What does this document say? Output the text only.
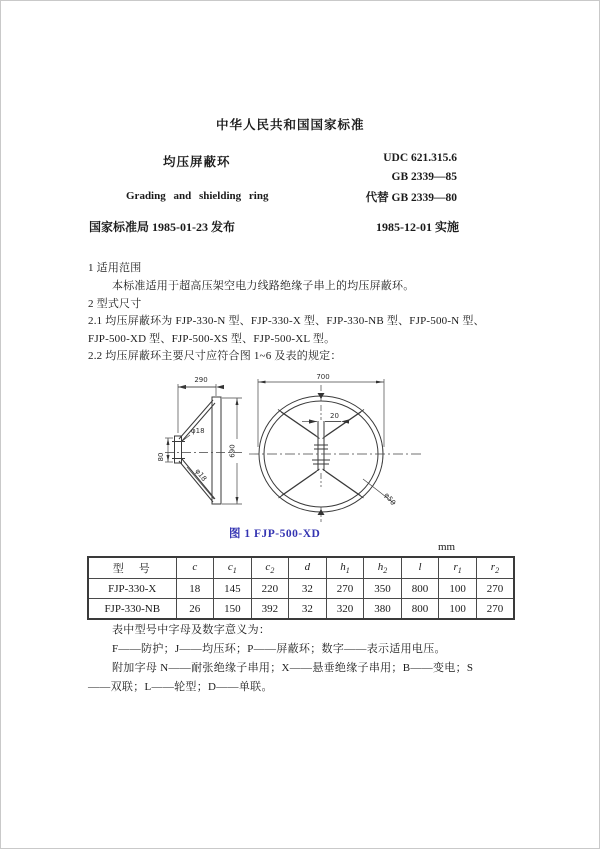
中华人民共和国国家标准
均压屏蔽环	UDC 621.315.6
GB 2339—85
代替 GB 2339—80
Grading and shielding ring
国家标准局 1985-01-23 发布	1985-12-01 实施
1 适用范围
本标准适用于超高压架空电力线路绝缘子串上的均压屏蔽环。
2 型式尺寸
2.1 均压屏蔽环为 FJP-330-N 型、FJP-330-X 型、FJP-330-NB 型、FJP-500-N 型、
FJP-500-XD 型、FJP-500-XS 型、FJP-500-XL 型。
2.2 均压屏蔽环主要尺寸应符合图 1~6 及表的规定：
290
80	690
φ18
φ18
700
20
φ50
图 1 FJP-500-XD
mm
型　号	c	$c_1$	$c_2$	d	$h_1$	$h_2$	l	$r_1$	$r_2$
FJP-330-X	18	145	220	32	270	350	800	100	270
FJP-330-NB	26	150	392	32	320	380	800	100	270
表中型号中字母及数字意义为：
F——防护；J——均压环；P——屏蔽环；数字——表示适用电压。
附加字母 N——耐张绝缘子串用；X——悬垂绝缘子串用；B——变电；S
——双联；L——轮型；D——单联。
